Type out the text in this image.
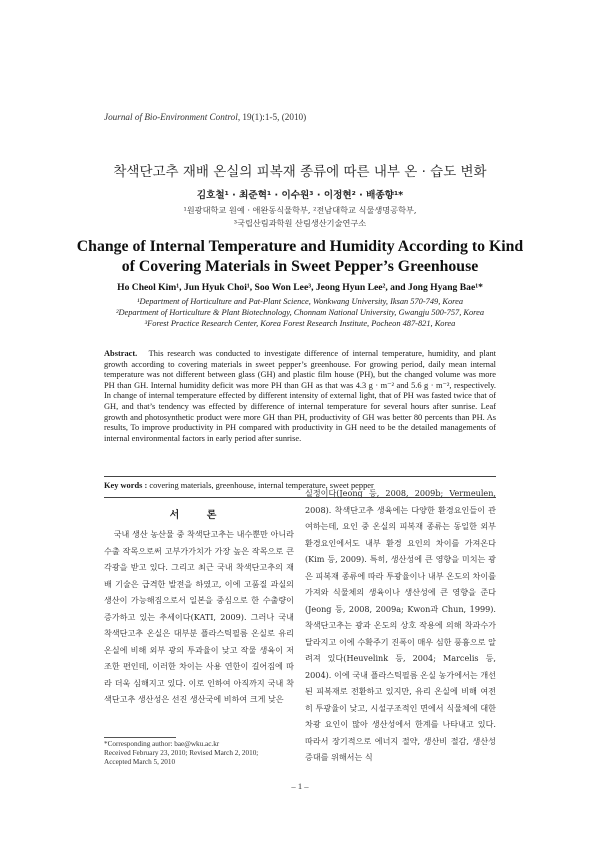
Journal of Bio-Environment Control, 19(1):1-5, (2010)
착색단고추 재배 온실의 피복재 종류에 따른 내부 온 · 습도 변화
김호철¹ · 최준혁¹ · 이수원³ · 이정현² · 배종향¹*
¹원광대학교 원예 · 애완동식물학부, ²전남대학교 식물생명공학부,
³국립산림과학원 산림생산기술연구소
Change of Internal Temperature and Humidity According to Kind
of Covering Materials in Sweet Pepper’s Greenhouse
Ho Cheol Kim¹, Jun Hyuk Choi¹, Soo Won Lee³, Jeong Hyun Lee², and Jong Hyang Bae¹*
¹Department of Horticulture and Pat-Plant Science, Wonkwang University, Iksan 570-749, Korea
²Department of Horticulture & Plant Biotechnology, Chonnam National University, Gwangju 500-757, Korea
³Forest Practice Research Center, Korea Forest Research Institute, Pocheon 487-821, Korea
Abstract. This research was conducted to investigate difference of internal temperature, humidity, and plant growth according to covering materials in sweet pepper’s greenhouse. For growing period, daily mean internal temperature was not different between glass (GH) and plastic film house (PH), but the changed volume was more PH than GH. Internal humidity deficit was more PH than GH as that was 4.3 g · m⁻² and 5.6 g · m⁻², respectively. In change of internal temperature effected by different intensity of external light, that of PH was fasted twice that of GH, and that’s tendency was effected by difference of internal temperature for several hours after sunrise. Leaf growth and photosynthetic product were more GH than PH, productivity of GH was better 80 percents than PH. As results, To improve productivity in PH compared with productivity in GH need to be the detailed managements of internal environmental factors in early period after sunrise.
Key words : covering materials, greenhouse, internal temperature, sweet pepper
서 론
국내 생산 농산물 중 착색단고추는 내수뿐만 아니라 수출 작목으로써 고부가가치가 가장 높은 작목으로 큰 각광을 받고 있다. 그리고 최근 국내 착색단고추의 재배 기술은 급격한 발전을 하였고, 이에 고품질 과실의 생산이 가능해짐으로서 일본을 중심으로 한 수출량이 증가하고 있는 추세이다(KATI, 2009). 그러나 국내 착색단고추 온실은 대부분 플라스틱필름 온실로 유리 온실에 비해 외부 광의 투과율이 낮고 작물 생육이 저조한 편인데, 이러한 차이는 사용 연한이 길어짐에 따라 더욱 심해지고 있다. 이로 인하여 아직까지 국내 착색단고추 생산성은 선진 생산국에 비하여 크게 낮은
실정이다(Jeong 등, 2008, 2009b; Vermeulen, 2008). 착색단고추 생육에는 다양한 환경요인들이 관여하는데, 요인 중 온실의 피복재 종류는 동일한 외부 환경요인에서도 내부 환경 요인의 차이를 가져온다(Kim 등, 2009). 특히, 생산성에 큰 영향을 미치는 광은 피복재 종류에 따라 투광율이나 내부 온도의 차이를 가져와 식물체의 생육이나 생산성에 큰 영향을 준다(Jeong 등, 2008, 2009a; Kwon과 Chun, 1999). 착색단고추는 광과 온도의 상호 작용에 의해 착과수가 달라지고 이에 수확주기 진폭이 매우 심한 풍흉으로 알려져 있다(Heuvelink 등, 2004; Marcelis 등, 2004). 이에 국내 플라스틱필름 온실 농가에서는 개선된 피복재로 전환하고 있지만, 유리 온실에 비해 여전히 투광율이 낮고, 시설구조적인 면에서 식물체에 대한 차광 요인이 많아 생산성에서 한계를 나타내고 있다. 따라서 장기적으로 에너지 절약, 생산비 절감, 생산성 증대를 위해서는 식
*Corresponding author: bae@wku.ac.kr
Received February 23, 2010; Revised March 2, 2010;
Accepted March 5, 2010
– 1 –
